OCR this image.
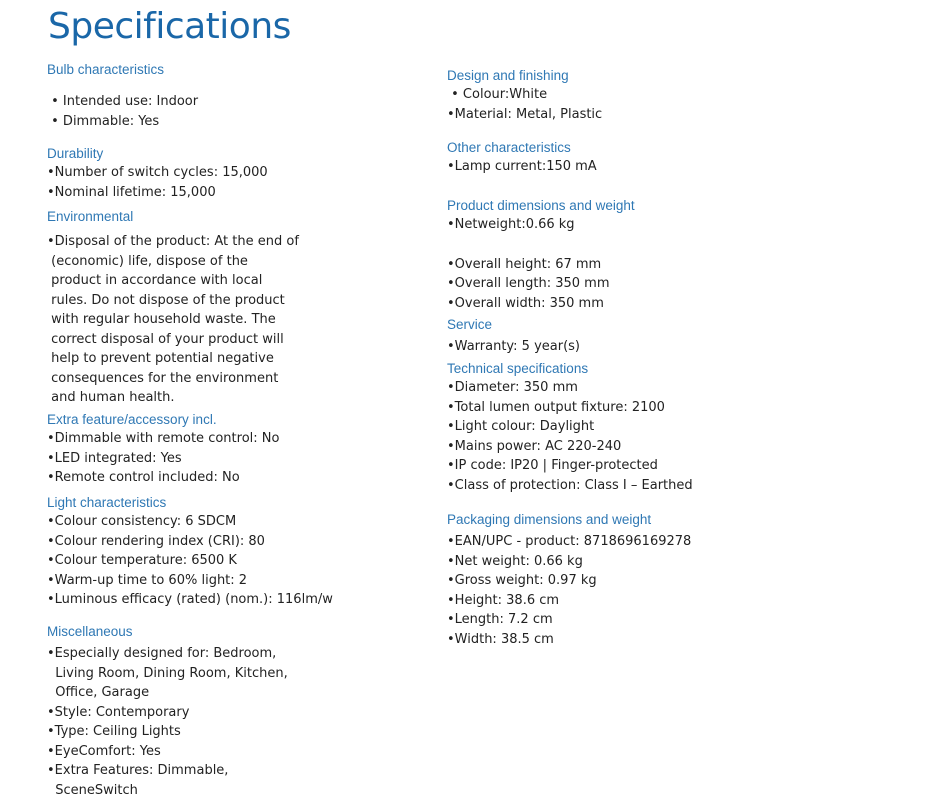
Specifications
Bulb characteristics
• Intended use: Indoor
• Dimmable: Yes
Durability
•Number of switch cycles: 15,000
•Nominal lifetime: 15,000
Environmental
•Disposal of the product: At the end of
(economic) life, dispose of the
product in accordance with local
rules. Do not dispose of the product
with regular household waste. The
correct disposal of your product will
help to prevent potential negative
consequences for the environment
and human health.
Extra feature/accessory incl.
•Dimmable with remote control: No
•LED integrated: Yes
•Remote control included: No
Light characteristics
•Colour consistency: 6 SDCM
•Colour rendering index (CRI): 80
•Colour temperature: 6500 K
•Warm-up time to 60% light: 2
•Luminous efficacy (rated) (nom.): 116lm/w
Miscellaneous
•Especially designed for: Bedroom,
Living Room, Dining Room, Kitchen,
Office, Garage
•Style: Contemporary
•Type: Ceiling Lights
•EyeComfort: Yes
•Extra Features: Dimmable,
SceneSwitch
Design and finishing
• Colour:White
•Material: Metal, Plastic
Other characteristics
•Lamp current:150 mA
Product dimensions and weight
•Netweight:0.66 kg
•Overall height: 67 mm
•Overall length: 350 mm
•Overall width: 350 mm
Service
•Warranty: 5 year(s)
Technical specifications
•Diameter: 350 mm
•Total lumen output fixture: 2100
•Light colour: Daylight
•Mains power: AC 220-240
•IP code: IP20 | Finger-protected
•Class of protection: Class I – Earthed
Packaging dimensions and weight
•EAN/UPC - product: 8718696169278
•Net weight: 0.66 kg
•Gross weight: 0.97 kg
•Height: 38.6 cm
•Length: 7.2 cm
•Width: 38.5 cm
